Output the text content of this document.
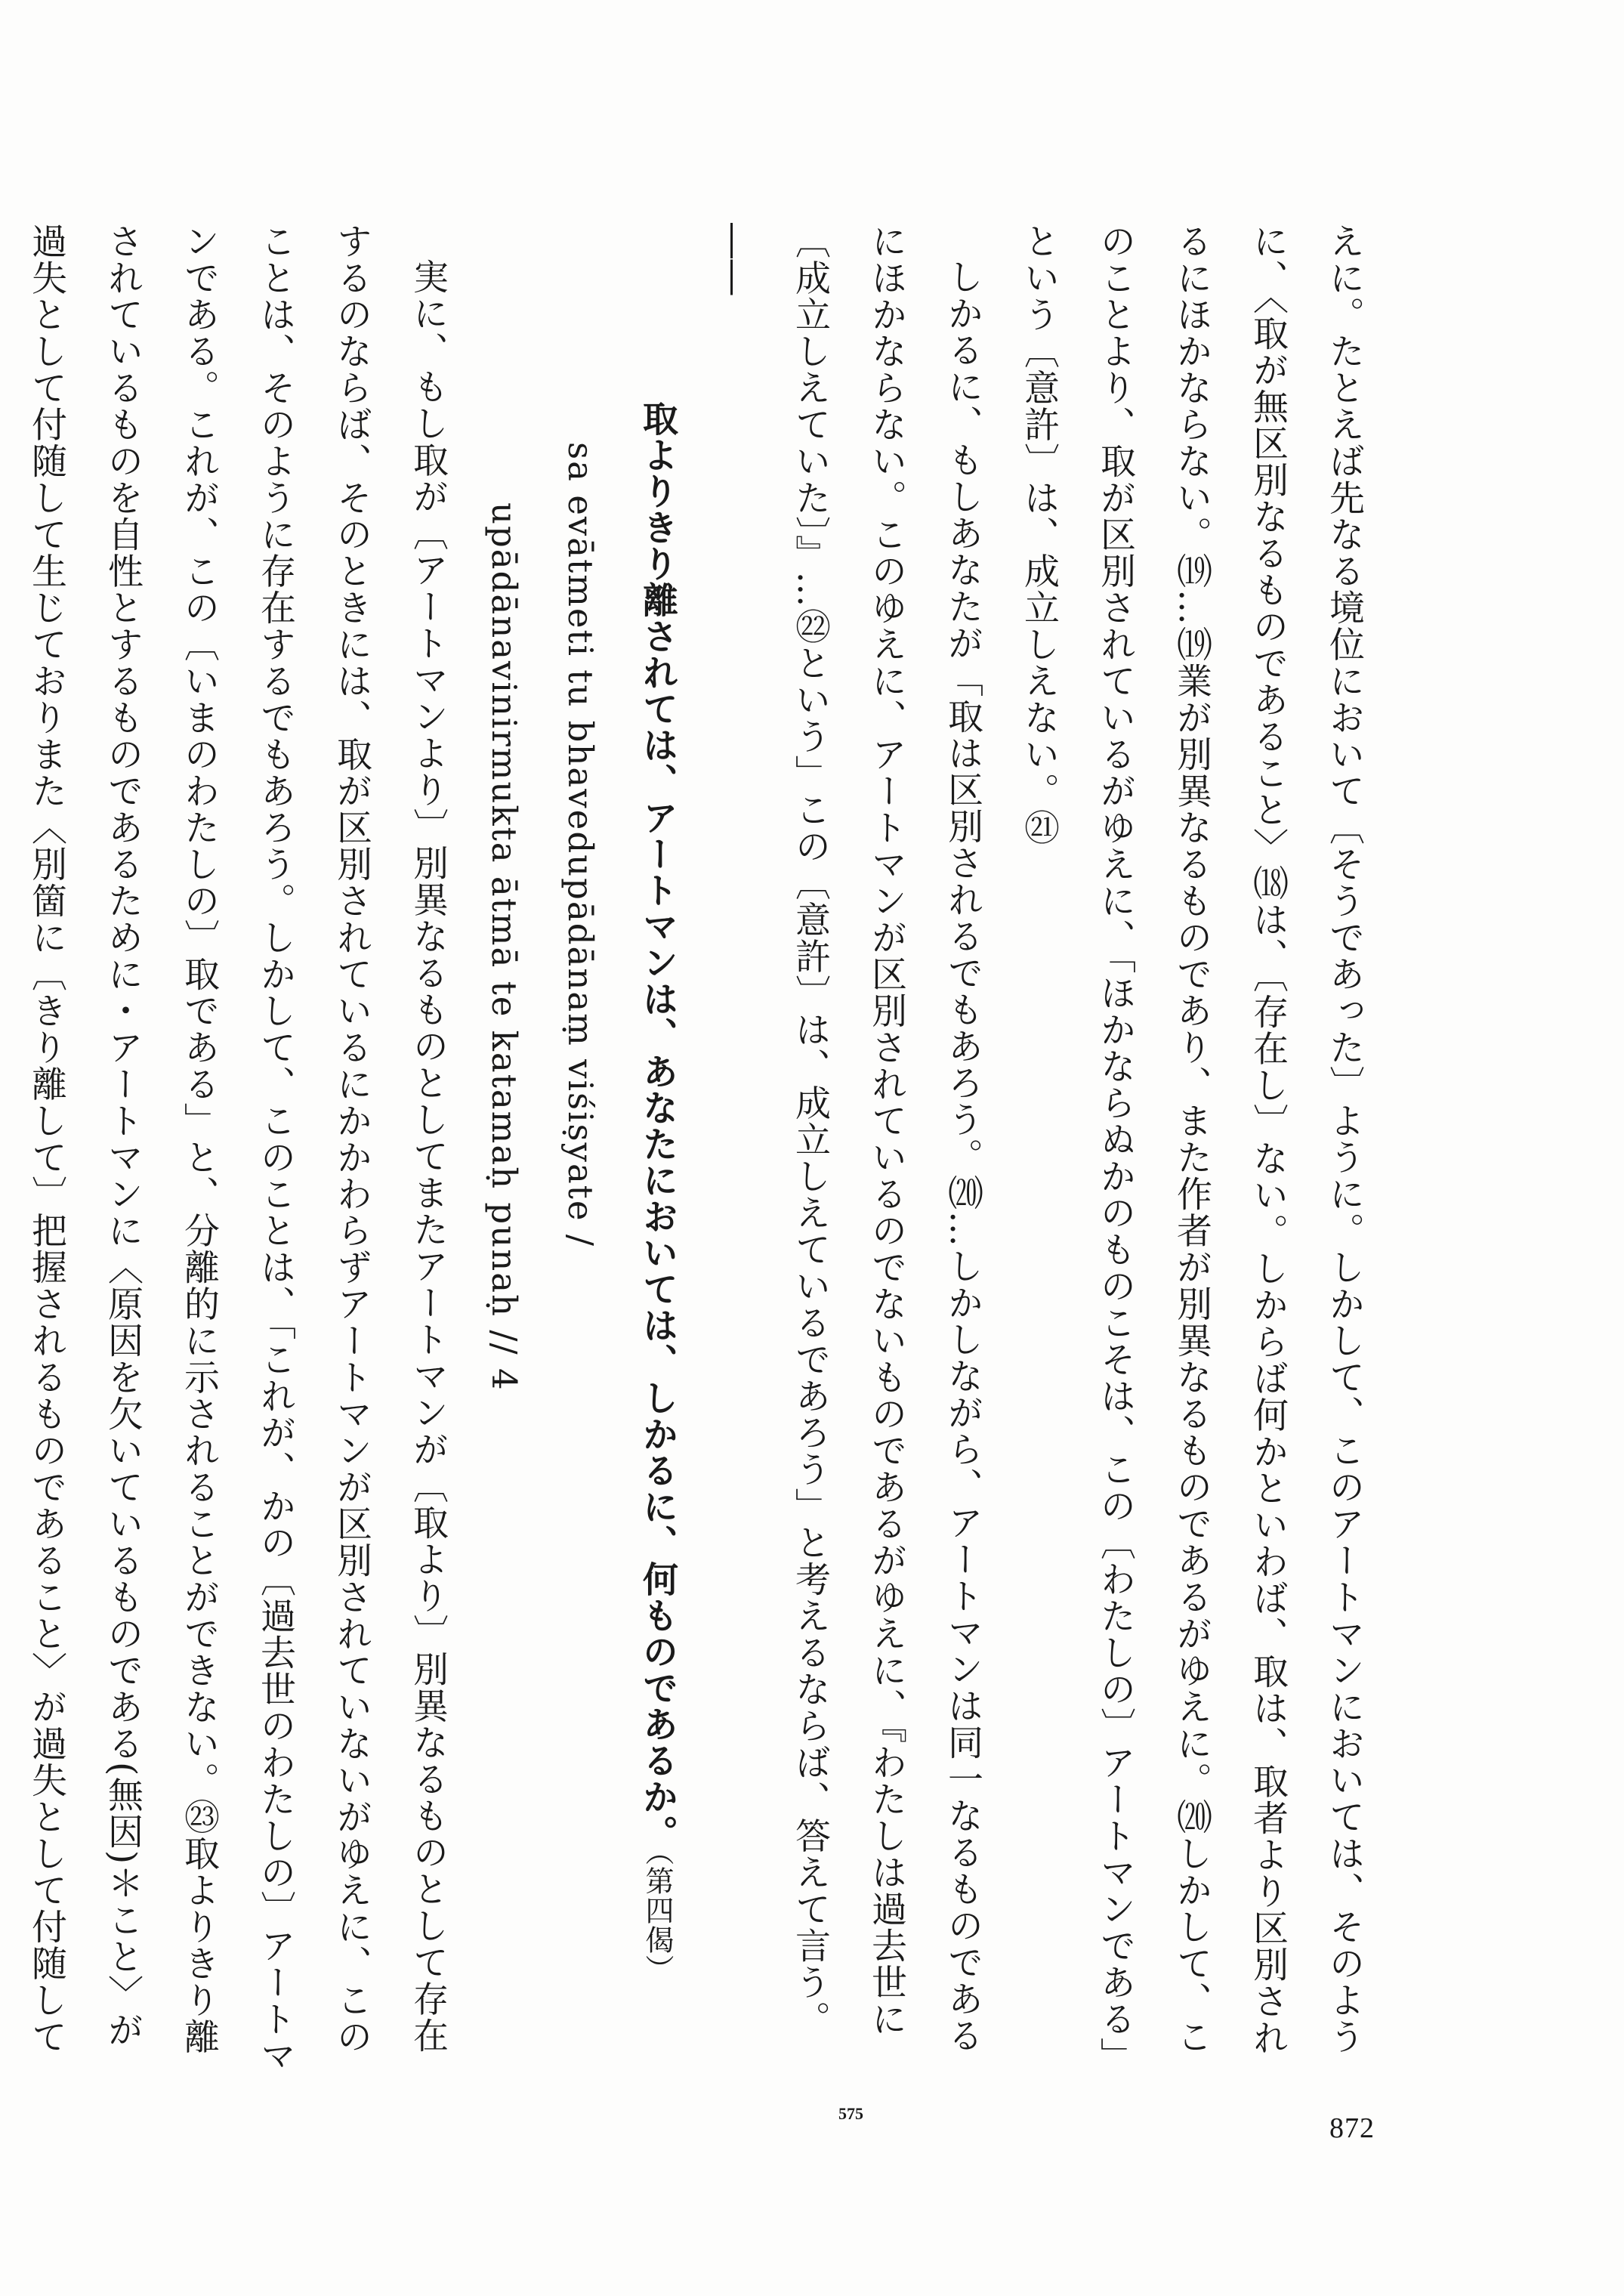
えに。たとえば先なる境位において〔そうであった〕ように。しかして、このアートマンにおいては、そのように、〈取が無区別なるものであること〉⒅は、〔存在し〕ない。しからば何かといわば、取は、取者より区別されるにほかならない。⒆…⒆業が別異なるものであり、また作者が別異なるものであるがゆえに。⒇しかして、このことより、取が区別されているがゆえに、「ほかならぬかのものこそは、この〔わたしの〕アートマンである」という〔意許〕は、成立しえない。㉑

しかるに、もしあなたが「取は区別されるでもあろう。⒇…しかしながら、アートマンは同一なるものであるにほかならない。このゆえに、アートマンが区別されているのでないものであるがゆえに、『わたしは過去世に〔成立しえていた〕』…㉒という」この〔意許〕は、成立しえているであろう」と考えるならば、答えて言う。――

取よりきり離されては、アートマンは、あなたにおいては、しかるに、何ものであるか。（第四偈）

sa evātmeti tu bhavedupādānaṃ viśiṣyate /

upādānavinirmukta ātmā te katamaḥ punaḥ // 4

実に、もし取が〔アートマンより〕別異なるものとしてまたアートマンが〔取より〕別異なるものとして存在するのならば、そのときには、取が区別されているにかかわらずアートマンが区別されていないがゆえに、このことは、そのように存在するでもあろう。しかして、このことは、「これが、かの〔過去世のわたしの〕アートマンである。これが、この〔いまのわたしの〕取である」と、分離的に示されることができない。㉓取よりきり離されているものを自性とするものであるために・アートマンに〈原因を欠いているものである(無因)＊こと〉が過失として付随して生じておりまた〈別箇に〔きり離して〕把握されるものであること〉が過失として付随して

575	872
